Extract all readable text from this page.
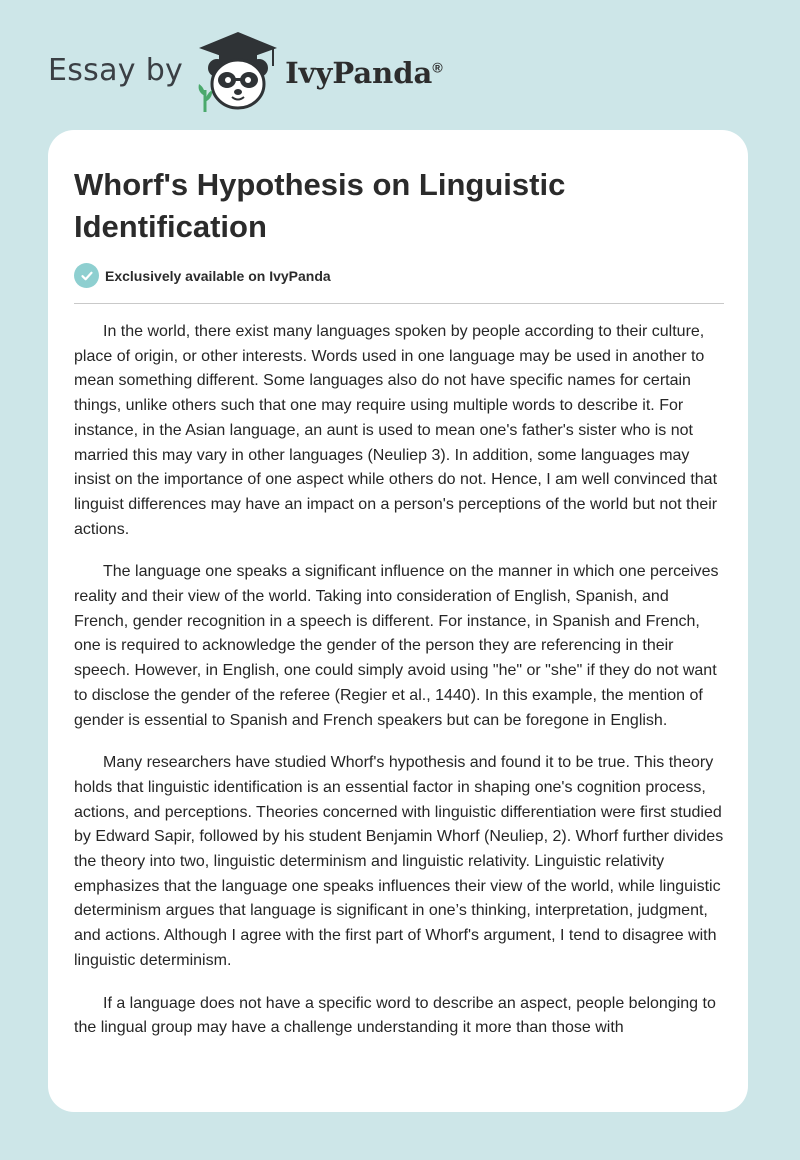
Essay by	IvyPanda®
Whorf's Hypothesis on Linguistic Identification
Exclusively available on IvyPanda

In the world, there exist many languages spoken by people according to their culture, place of origin, or other interests. Words used in one language may be used in another to mean something different. Some languages also do not have specific names for certain things, unlike others such that one may require using multiple words to describe it. For instance, in the Asian language, an aunt is used to mean one's father's sister who is not married this may vary in other languages (Neuliep 3). In addition, some languages may insist on the importance of one aspect while others do not. Hence, I am well convinced that linguist differences may have an impact on a person's perceptions of the world but not their actions.

The language one speaks a significant influence on the manner in which one perceives reality and their view of the world. Taking into consideration of English, Spanish, and French, gender recognition in a speech is different. For instance, in Spanish and French, one is required to acknowledge the gender of the person they are referencing in their speech. However, in English, one could simply avoid using "he" or "she" if they do not want to disclose the gender of the referee (Regier et al., 1440). In this example, the mention of gender is essential to Spanish and French speakers but can be foregone in English.

Many researchers have studied Whorf's hypothesis and found it to be true. This theory holds that linguistic identification is an essential factor in shaping one's cognition process, actions, and perceptions. Theories concerned with linguistic differentiation were first studied by Edward Sapir, followed by his student Benjamin Whorf (Neuliep, 2). Whorf further divides the theory into two, linguistic determinism and linguistic relativity. Linguistic relativity emphasizes that the language one speaks influences their view of the world, while linguistic determinism argues that language is significant in one’s thinking, interpretation, judgment, and actions. Although I agree with the first part of Whorf's argument, I tend to disagree with linguistic determinism.

If a language does not have a specific word to describe an aspect, people belonging to the lingual group may have a challenge understanding it more than those with
